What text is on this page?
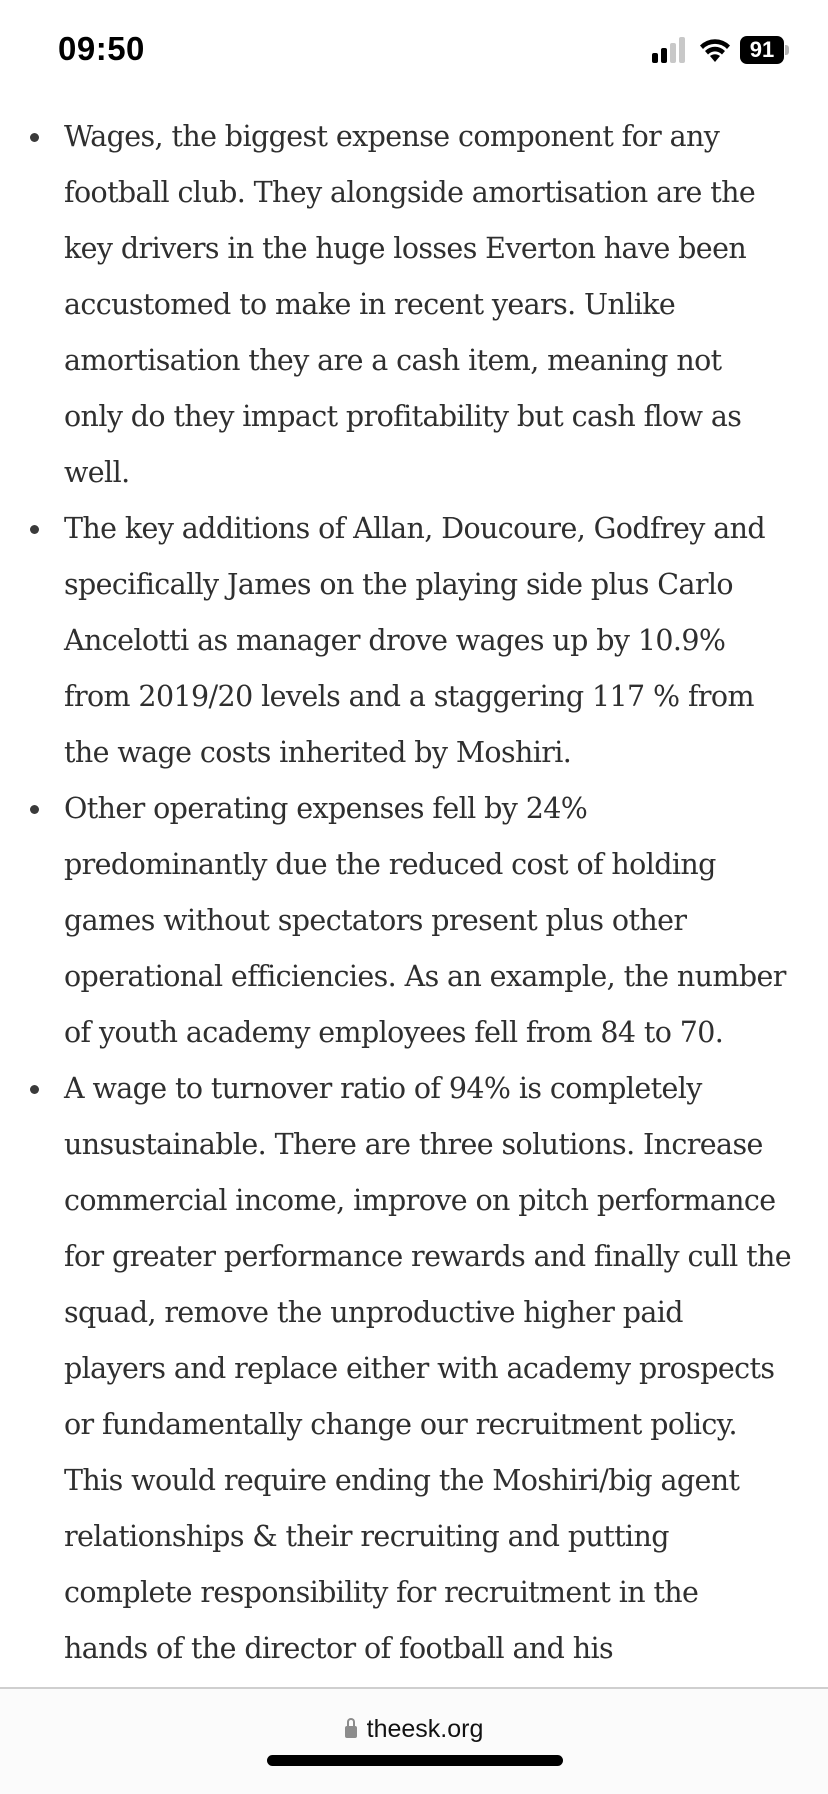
09:50	91
Wages, the biggest expense component for any
football club. They alongside amortisation are the
key drivers in the huge losses Everton have been
accustomed to make in recent years. Unlike
amortisation they are a cash item, meaning not
only do they impact profitability but cash flow as
well.
The key additions of Allan, Doucoure, Godfrey and
specifically James on the playing side plus Carlo
Ancelotti as manager drove wages up by 10.9%
from 2019/20 levels and a staggering 117 % from
the wage costs inherited by Moshiri.
Other operating expenses fell by 24%
predominantly due the reduced cost of holding
games without spectators present plus other
operational efficiencies. As an example, the number
of youth academy employees fell from 84 to 70.
A wage to turnover ratio of 94% is completely
unsustainable. There are three solutions. Increase
commercial income, improve on pitch performance
for greater performance rewards and finally cull the
squad, remove the unproductive higher paid
players and replace either with academy prospects
or fundamentally change our recruitment policy.
This would require ending the Moshiri/big agent
relationships & their recruiting and putting
complete responsibility for recruitment in the
hands of the director of football and his
theesk.org
